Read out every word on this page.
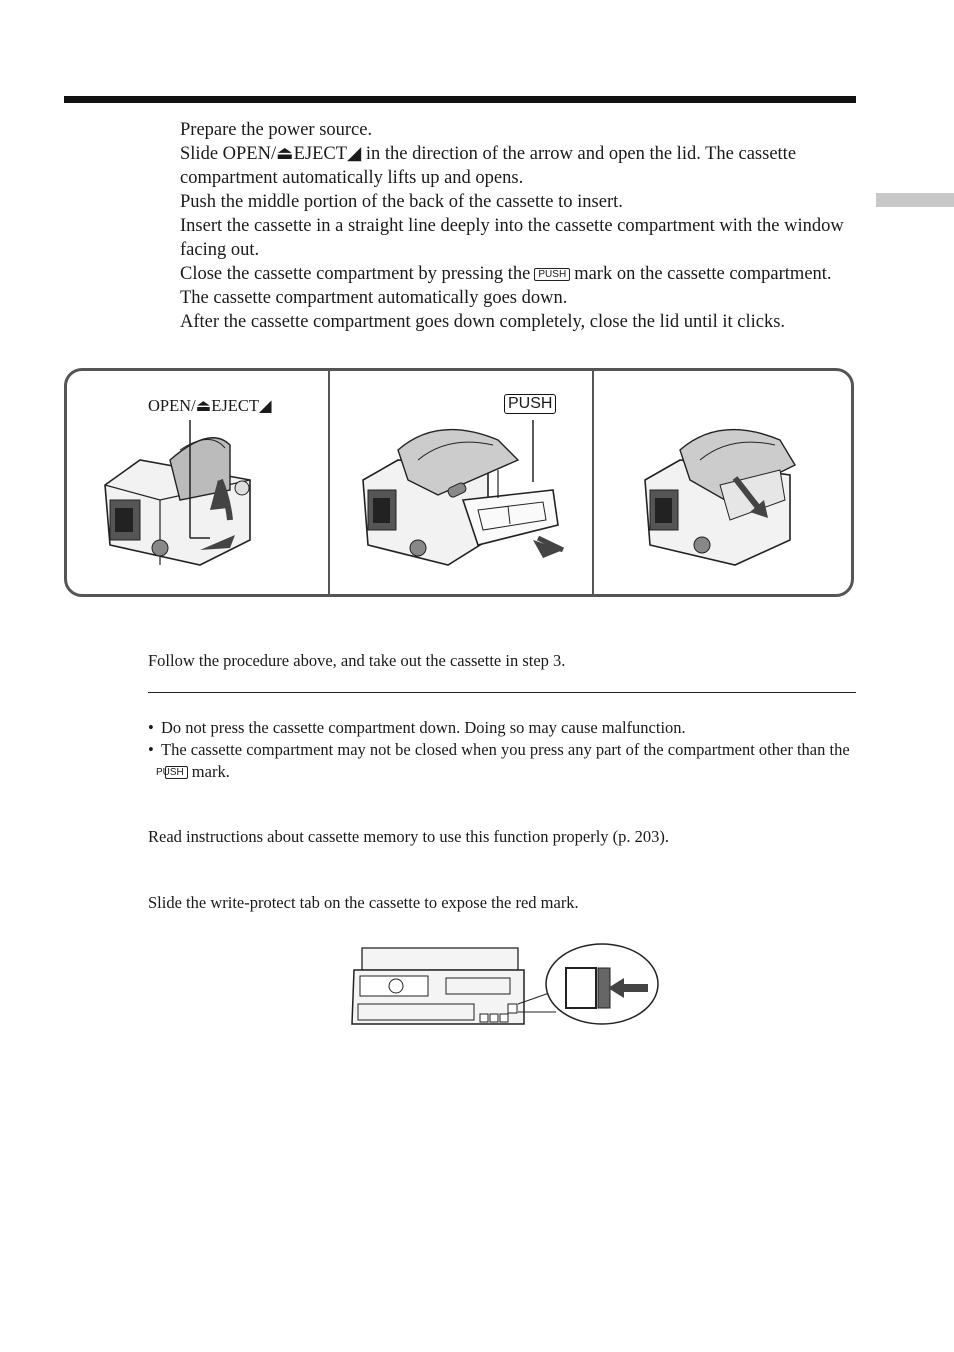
Prepare the power source.
Slide OPEN/⏏EJECT◢ in the direction of the arrow and open the lid. The cassette compartment automatically lifts up and opens.
Push the middle portion of the back of the cassette to insert.
Insert the cassette in a straight line deeply into the cassette compartment with the window facing out.
Close the cassette compartment by pressing the PUSH mark on the cassette compartment. The cassette compartment automatically goes down.
After the cassette compartment goes down completely, close the lid until it clicks.
OPEN/⏏EJECT◢	PUSH

Follow the procedure above, and take out the cassette in step 3.

• Do not press the cassette compartment down. Doing so may cause malfunction.
• The cassette compartment may not be closed when you press any part of the compartment other than thePUSH mark.

Read instructions about cassette memory to use this function properly (p. 203).

Slide the write-protect tab on the cassette to expose the red mark.
